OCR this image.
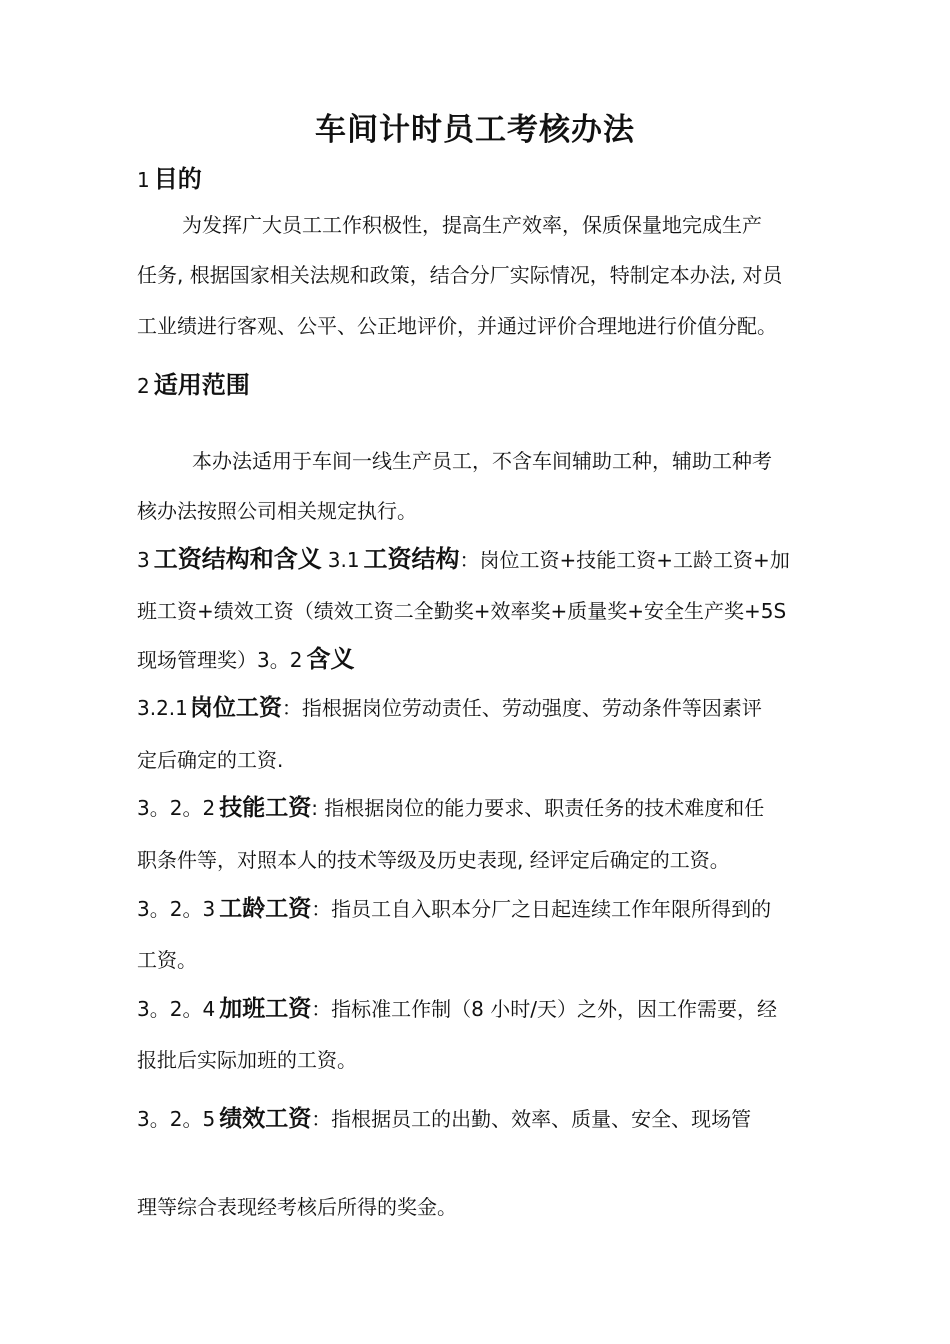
车间计时员工考核办法
1 目的
为发挥广大员工工作积极性，提高生产效率，保质保量地完成生产
任务, 根据国家相关法规和政策，结合分厂实际情况，特制定本办法, 对员
工业绩进行客观、公平、公正地评价，并通过评价合理地进行价值分配。
2 适用范围
本办法适用于车间一线生产员工，不含车间辅助工种，辅助工种考
核办法按照公司相关规定执行。
3 工资结构和含义 3.1 工资结构：岗位工资+技能工资+工龄工资+加
班工资+绩效工资（绩效工资二全勤奖+效率奖+质量奖+安全生产奖+5S
现场管理奖）3。2 含义
3.2.1岗位工资：指根据岗位劳动责任、劳动强度、劳动条件等因素评
定后确定的工资.
3。2。2 技能工资: 指根据岗位的能力要求、职责任务的技术难度和任
职条件等，对照本人的技术等级及历史表现, 经评定后确定的工资。
3。2。3 工龄工资：指员工自入职本分厂之日起连续工作年限所得到的
工资。
3。2。4 加班工资：指标准工作制（8 小时/天）之外，因工作需要，经
报批后实际加班的工资。
3。2。5 绩效工资：指根据员工的出勤、效率、质量、安全、现场管
理等综合表现经考核后所得的奖金。
